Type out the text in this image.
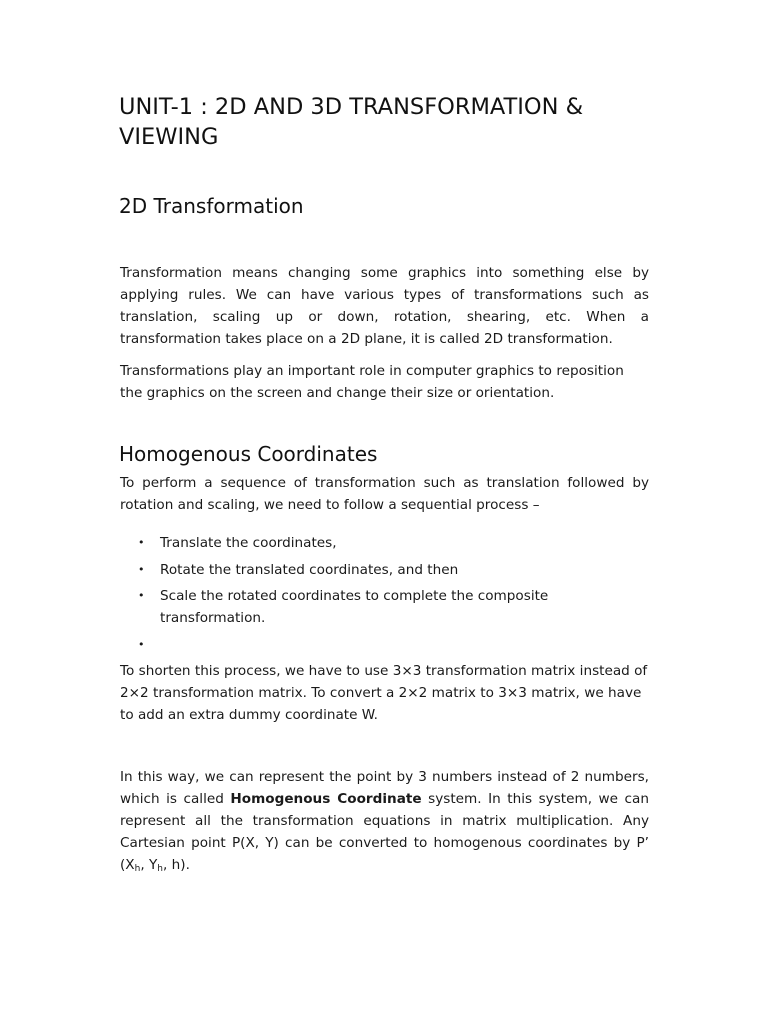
UNIT-1 : 2D AND 3D TRANSFORMATION & VIEWING
2D Transformation

Transformation means changing some graphics into something else by applying rules. We can have various types of transformations such as translation, scaling up or down, rotation, shearing, etc. When a transformation takes place on a 2D plane, it is called 2D transformation.

Transformations play an important role in computer graphics to reposition the graphics on the screen and change their size or orientation.

Homogenous Coordinates

To perform a sequence of transformation such as translation followed by rotation and scaling, we need to follow a sequential process –

• Translate the coordinates,
• Rotate the translated coordinates, and then
• Scale the rotated coordinates to complete the composite transformation.
•

To shorten this process, we have to use 3×3 transformation matrix instead of 2×2 transformation matrix. To convert a 2×2 matrix to 3×3 matrix, we have to add an extra dummy coordinate W.

In this way, we can represent the point by 3 numbers instead of 2 numbers, which is called Homogenous Coordinate system. In this system, we can represent all the transformation equations in matrix multiplication. Any Cartesian point P(X, Y) can be converted to homogenous coordinates by P’ ($X_h$, $Y_h$, h).
